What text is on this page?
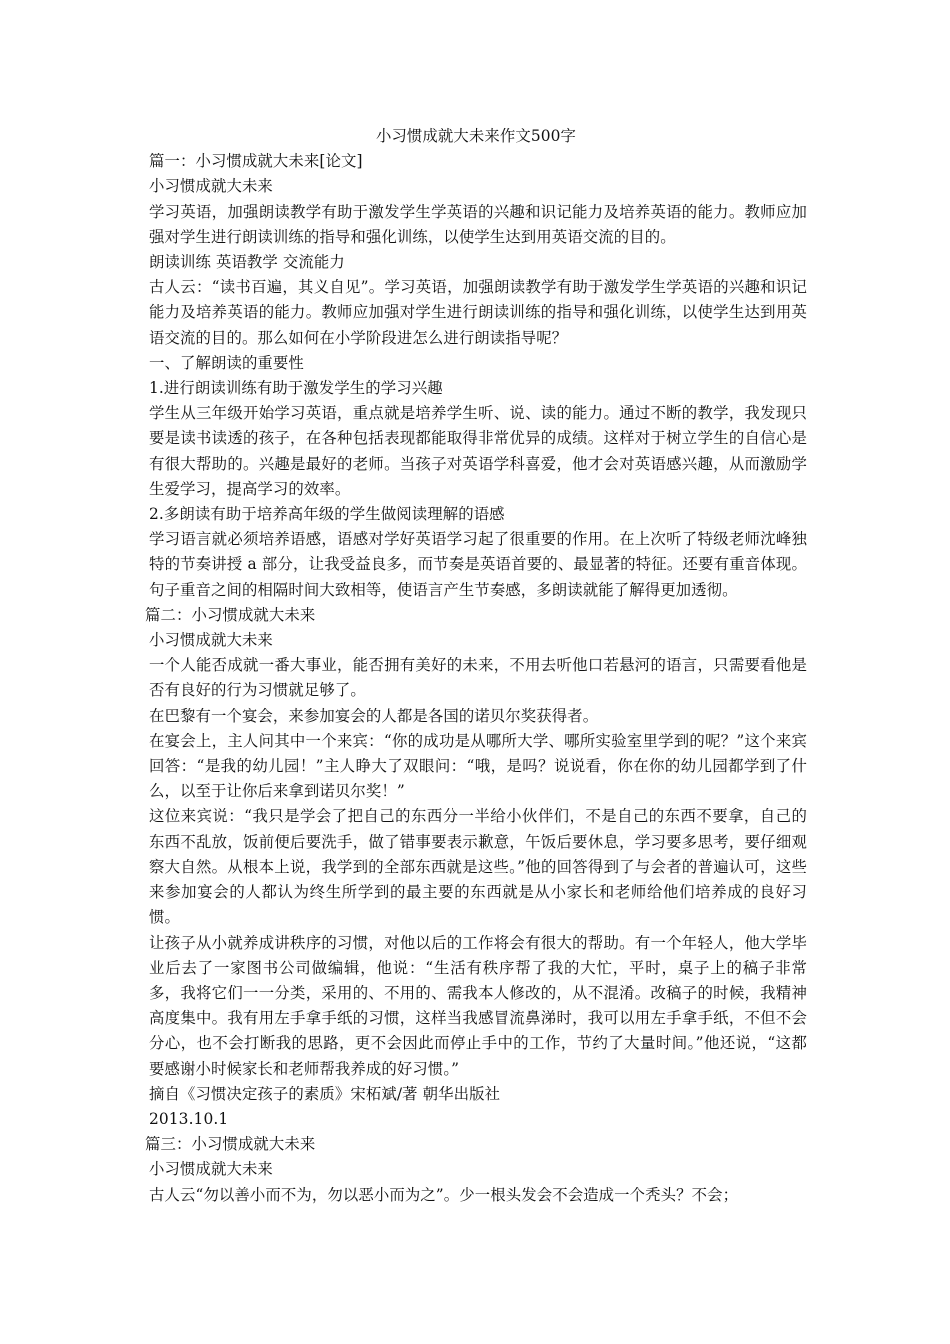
小习惯成就大未来作文500字

篇一：小习惯成就大未来[论文]

小习惯成就大未来

学习英语，加强朗读教学有助于激发学生学英语的兴趣和识记能力及培养英语的能力。教师应加强对学生进行朗读训练的指导和强化训练，以使学生达到用英语交流的目的。

朗读训练 英语教学 交流能力

古人云：“读书百遍，其义自见”。学习英语，加强朗读教学有助于激发学生学英语的兴趣和识记能力及培养英语的能力。教师应加强对学生进行朗读训练的指导和强化训练，以使学生达到用英语交流的目的。那么如何在小学阶段进怎么进行朗读指导呢？

一、了解朗读的重要性

1.进行朗读训练有助于激发学生的学习兴趣

学生从三年级开始学习英语，重点就是培养学生听、说、读的能力。通过不断的教学，我发现只要是读书读透的孩子，在各种包括表现都能取得非常优异的成绩。这样对于树立学生的自信心是有很大帮助的。兴趣是最好的老师。当孩子对英语学科喜爱，他才会对英语感兴趣，从而激励学生爱学习，提高学习的效率。

2.多朗读有助于培养高年级的学生做阅读理解的语感

学习语言就必须培养语感，语感对学好英语学习起了很重要的作用。在上次听了特级老师沈峰独特的节奏讲授 a 部分，让我受益良多，而节奏是英语首要的、最显著的特征。还要有重音体现。句子重音之间的相隔时间大致相等，使语言产生节奏感，多朗读就能了解得更加透彻。

篇二：小习惯成就大未来

小习惯成就大未来

一个人能否成就一番大事业，能否拥有美好的未来，不用去听他口若悬河的语言，只需要看他是否有良好的行为习惯就足够了。

在巴黎有一个宴会，来参加宴会的人都是各国的诺贝尔奖获得者。

在宴会上，主人问其中一个来宾：“你的成功是从哪所大学、哪所实验室里学到的呢？”这个来宾回答：“是我的幼儿园！”主人睁大了双眼问：“哦，是吗？说说看，你在你的幼儿园都学到了什么，以至于让你后来拿到诺贝尔奖！”

这位来宾说：“我只是学会了把自己的东西分一半给小伙伴们，不是自己的东西不要拿，自己的东西不乱放，饭前便后要洗手，做了错事要表示歉意，午饭后要休息，学习要多思考，要仔细观察大自然。从根本上说，我学到的全部东西就是这些。”他的回答得到了与会者的普遍认可，这些来参加宴会的人都认为终生所学到的最主要的东西就是从小家长和老师给他们培养成的良好习惯。

让孩子从小就养成讲秩序的习惯，对他以后的工作将会有很大的帮助。有一个年轻人，他大学毕业后去了一家图书公司做编辑，他说：“生活有秩序帮了我的大忙，平时，桌子上的稿子非常多，我将它们一一分类，采用的、不用的、需我本人修改的，从不混淆。改稿子的时候，我精神高度集中。我有用左手拿手纸的习惯，这样当我感冒流鼻涕时，我可以用左手拿手纸，不但不会分心，也不会打断我的思路，更不会因此而停止手中的工作，节约了大量时间。”他还说，“这都要感谢小时候家长和老师帮我养成的好习惯。”

摘自《习惯决定孩子的素质》宋柘斌/著 朝华出版社

2013.10.1

篇三：小习惯成就大未来

小习惯成就大未来

古人云“勿以善小而不为，勿以恶小而为之”。少一根头发会不会造成一个秃头？不会；
